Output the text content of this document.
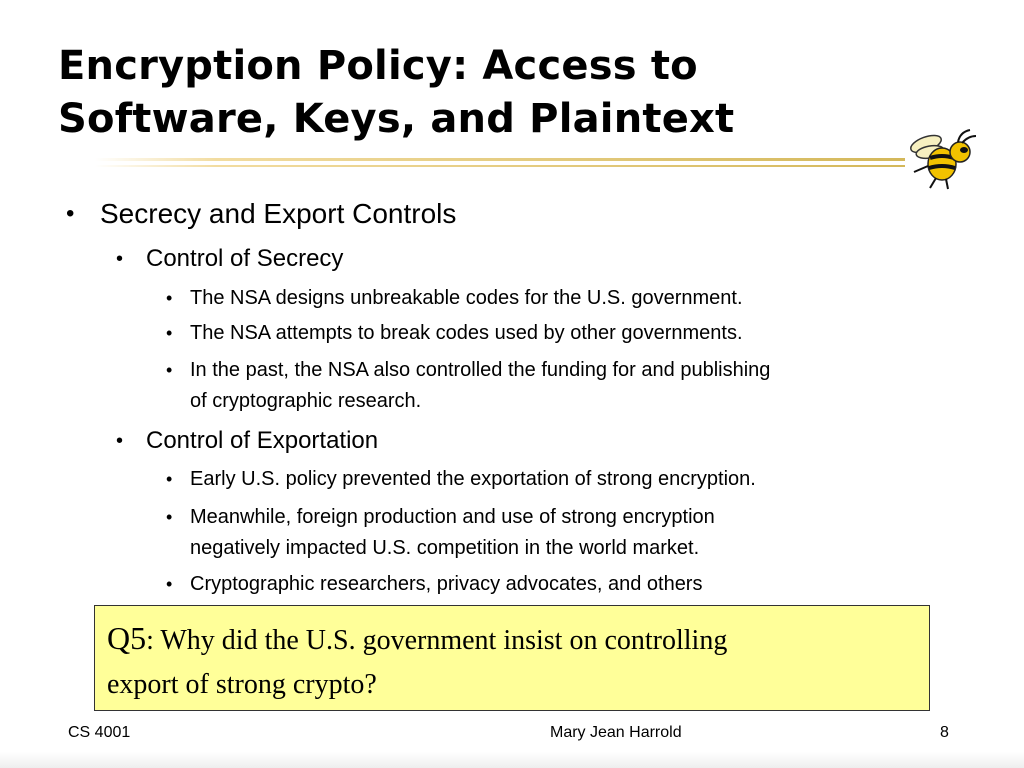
Encryption Policy: Access to
Software, Keys, and Plaintext
• Secrecy and Export Controls
• Control of Secrecy
• The NSA designs unbreakable codes for the U.S. government.
• The NSA attempts to break codes used by other governments.
• In the past, the NSA also controlled the funding for and publishing
of cryptographic research.
• Control of Exportation
• Early U.S. policy prevented the exportation of strong encryption.
• Meanwhile, foreign production and use of strong encryption
negatively impacted U.S. competition in the world market.
• Cryptographic researchers, privacy advocates, and others
Q5: Why did the U.S. government insist on controlling
export of strong crypto?
CS 4001	Mary Jean Harrold	8
